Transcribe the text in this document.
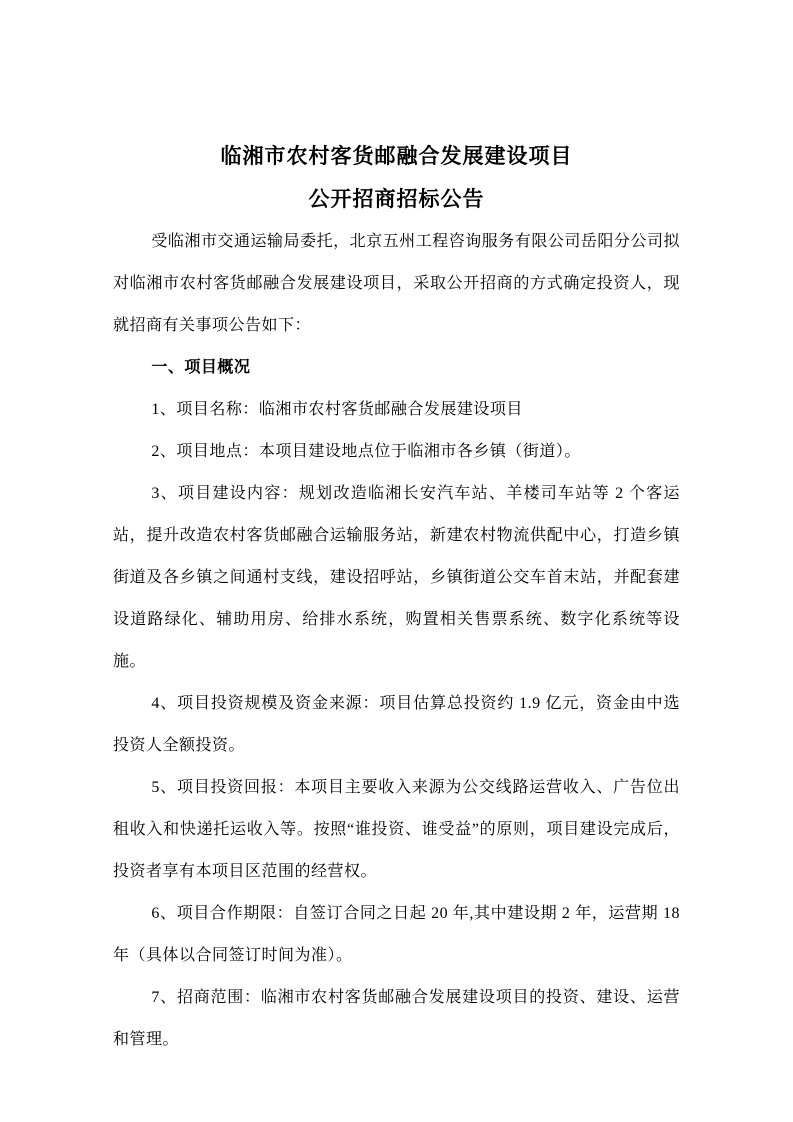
临湘市农村客货邮融合发展建设项目
公开招商招标公告

受临湘市交通运输局委托，北京五州工程咨询服务有限公司岳阳分公司拟对临湘市农村客货邮融合发展建设项目，采取公开招商的方式确定投资人，现就招商有关事项公告如下：

一、项目概况

1、项目名称：临湘市农村客货邮融合发展建设项目

2、项目地点：本项目建设地点位于临湘市各乡镇（街道）。

3、项目建设内容：规划改造临湘长安汽车站、羊楼司车站等 2 个客运站，提升改造农村客货邮融合运输服务站，新建农村物流供配中心，打造乡镇街道及各乡镇之间通村支线，建设招呼站，乡镇街道公交车首末站，并配套建设道路绿化、辅助用房、给排水系统，购置相关售票系统、数字化系统等设施。

4、项目投资规模及资金来源：项目估算总投资约 1.9 亿元，资金由中选投资人全额投资。

5、项目投资回报：本项目主要收入来源为公交线路运营收入、广告位出租收入和快递托运收入等。按照“谁投资、谁受益”的原则，项目建设完成后，投资者享有本项目区范围的经营权。

6、项目合作期限：自签订合同之日起 20 年,其中建设期 2 年，运营期 18 年（具体以合同签订时间为准）。

7、招商范围：临湘市农村客货邮融合发展建设项目的投资、建设、运营和管理。
